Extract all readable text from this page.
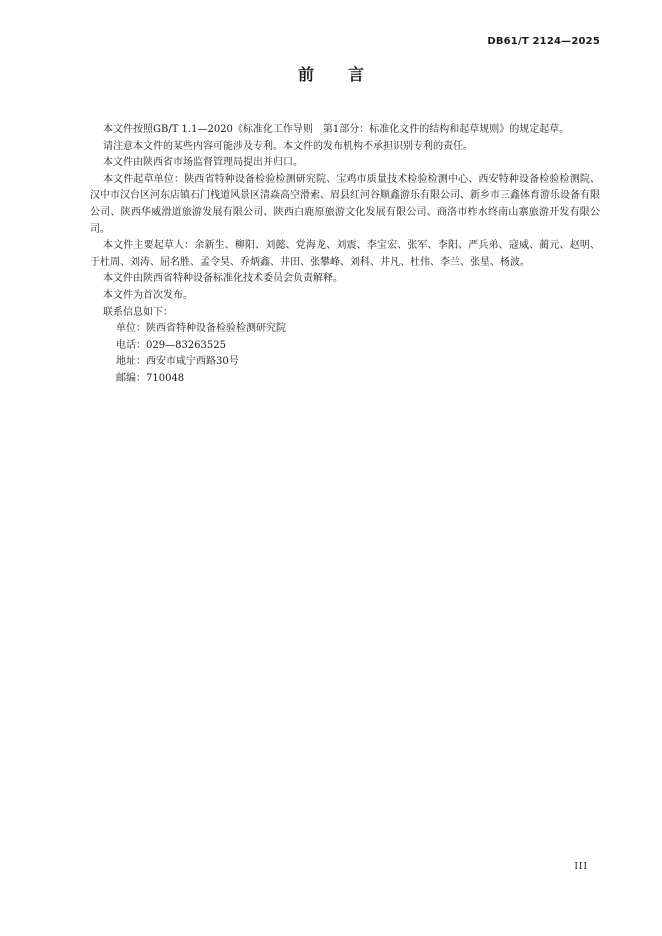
DB61/T 2124—2025
前 言

本文件按照GB/T 1.1—2020《标准化工作导则　第1部分：标准化文件的结构和起草规则》的规定起草。

请注意本文件的某些内容可能涉及专利。本文件的发布机构不承担识别专利的责任。

本文件由陕西省市场监督管理局提出并归口。

本文件起草单位：陕西省特种设备检验检测研究院、宝鸡市质量技术检验检测中心、西安特种设备检验检测院、汉中市汉台区河东店镇石门栈道风景区清焱高空滑索、眉县红河谷顺鑫游乐有限公司、新乡市三鑫体育游乐设备有限公司、陕西华威滑道旅游发展有限公司、陕西白鹿原旅游文化发展有限公司、商洛市柞水终南山寨旅游开发有限公司。

本文件主要起草人：余新生、柳阳、刘懿、党海龙、刘震、李宝宏、张军、李阳、严兵弟、寇威、蔺元、赵明、于杜周、刘涛、屈名胜、孟令昊、乔炳鑫、井田、张攀峰、刘科、井凡、杜伟、李兰、张星、杨波。

本文件由陕西省特种设备标准化技术委员会负责解释。

本文件为首次发布。

联系信息如下：

单位：陕西省特种设备检验检测研究院

电话：029—83263525

地址：西安市咸宁西路30号

邮编：710048

III
